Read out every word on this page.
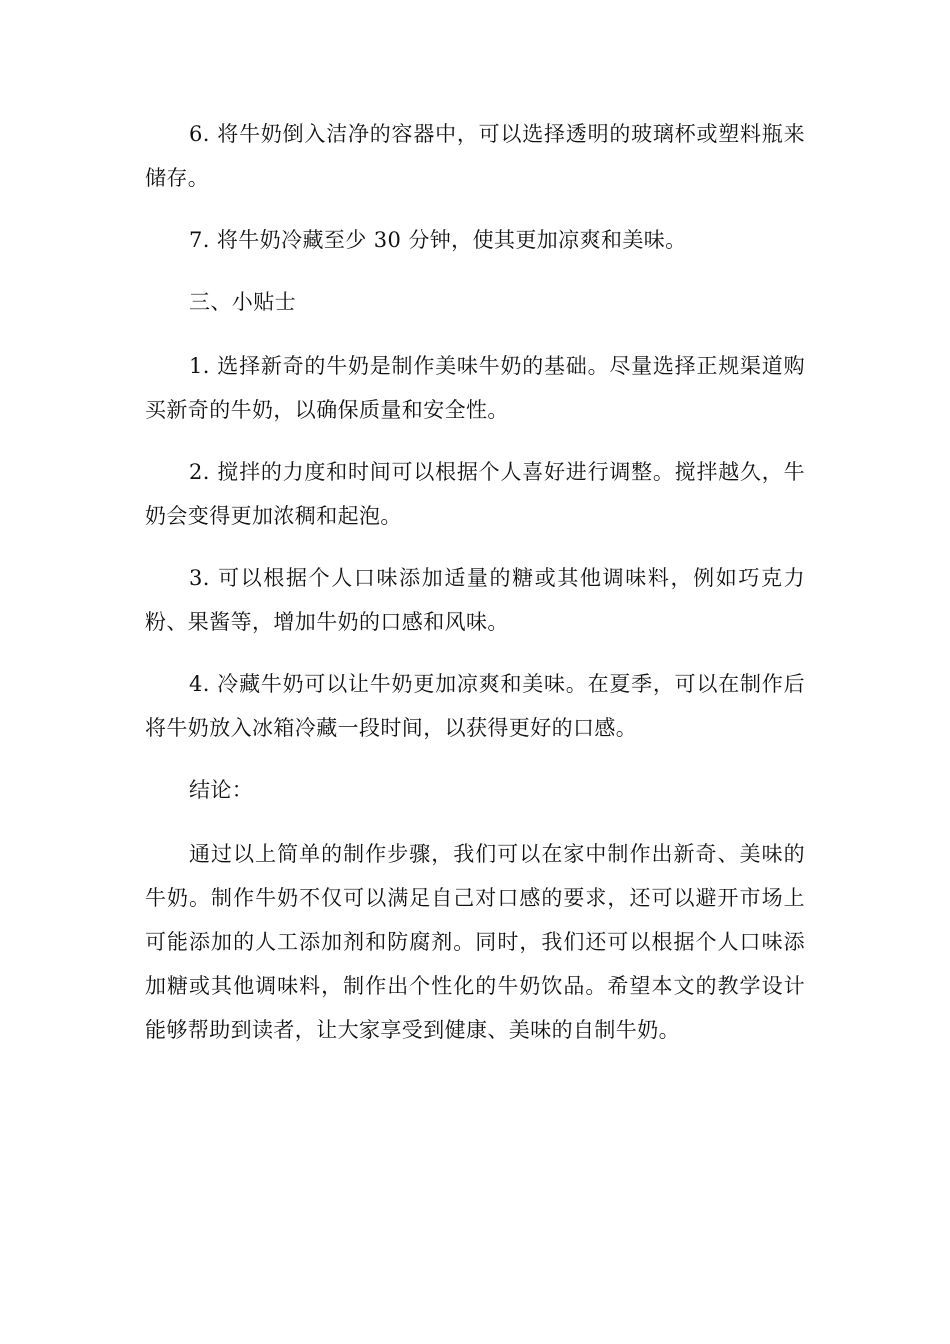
6. 将牛奶倒入洁净的容器中，可以选择透明的玻璃杯或塑料瓶来储存。

7. 将牛奶冷藏至少 30 分钟，使其更加凉爽和美味。

三、小贴士

1. 选择新奇的牛奶是制作美味牛奶的基础。尽量选择正规渠道购买新奇的牛奶，以确保质量和安全性。

2. 搅拌的力度和时间可以根据个人喜好进行调整。搅拌越久，牛奶会变得更加浓稠和起泡。

3. 可以根据个人口味添加适量的糖或其他调味料，例如巧克力粉、果酱等，增加牛奶的口感和风味。

4. 冷藏牛奶可以让牛奶更加凉爽和美味。在夏季，可以在制作后将牛奶放入冰箱冷藏一段时间，以获得更好的口感。

结论：

通过以上简单的制作步骤，我们可以在家中制作出新奇、美味的牛奶。制作牛奶不仅可以满足自己对口感的要求，还可以避开市场上可能添加的人工添加剂和防腐剂。同时，我们还可以根据个人口味添加糖或其他调味料，制作出个性化的牛奶饮品。希望本文的教学设计能够帮助到读者，让大家享受到健康、美味的自制牛奶。
